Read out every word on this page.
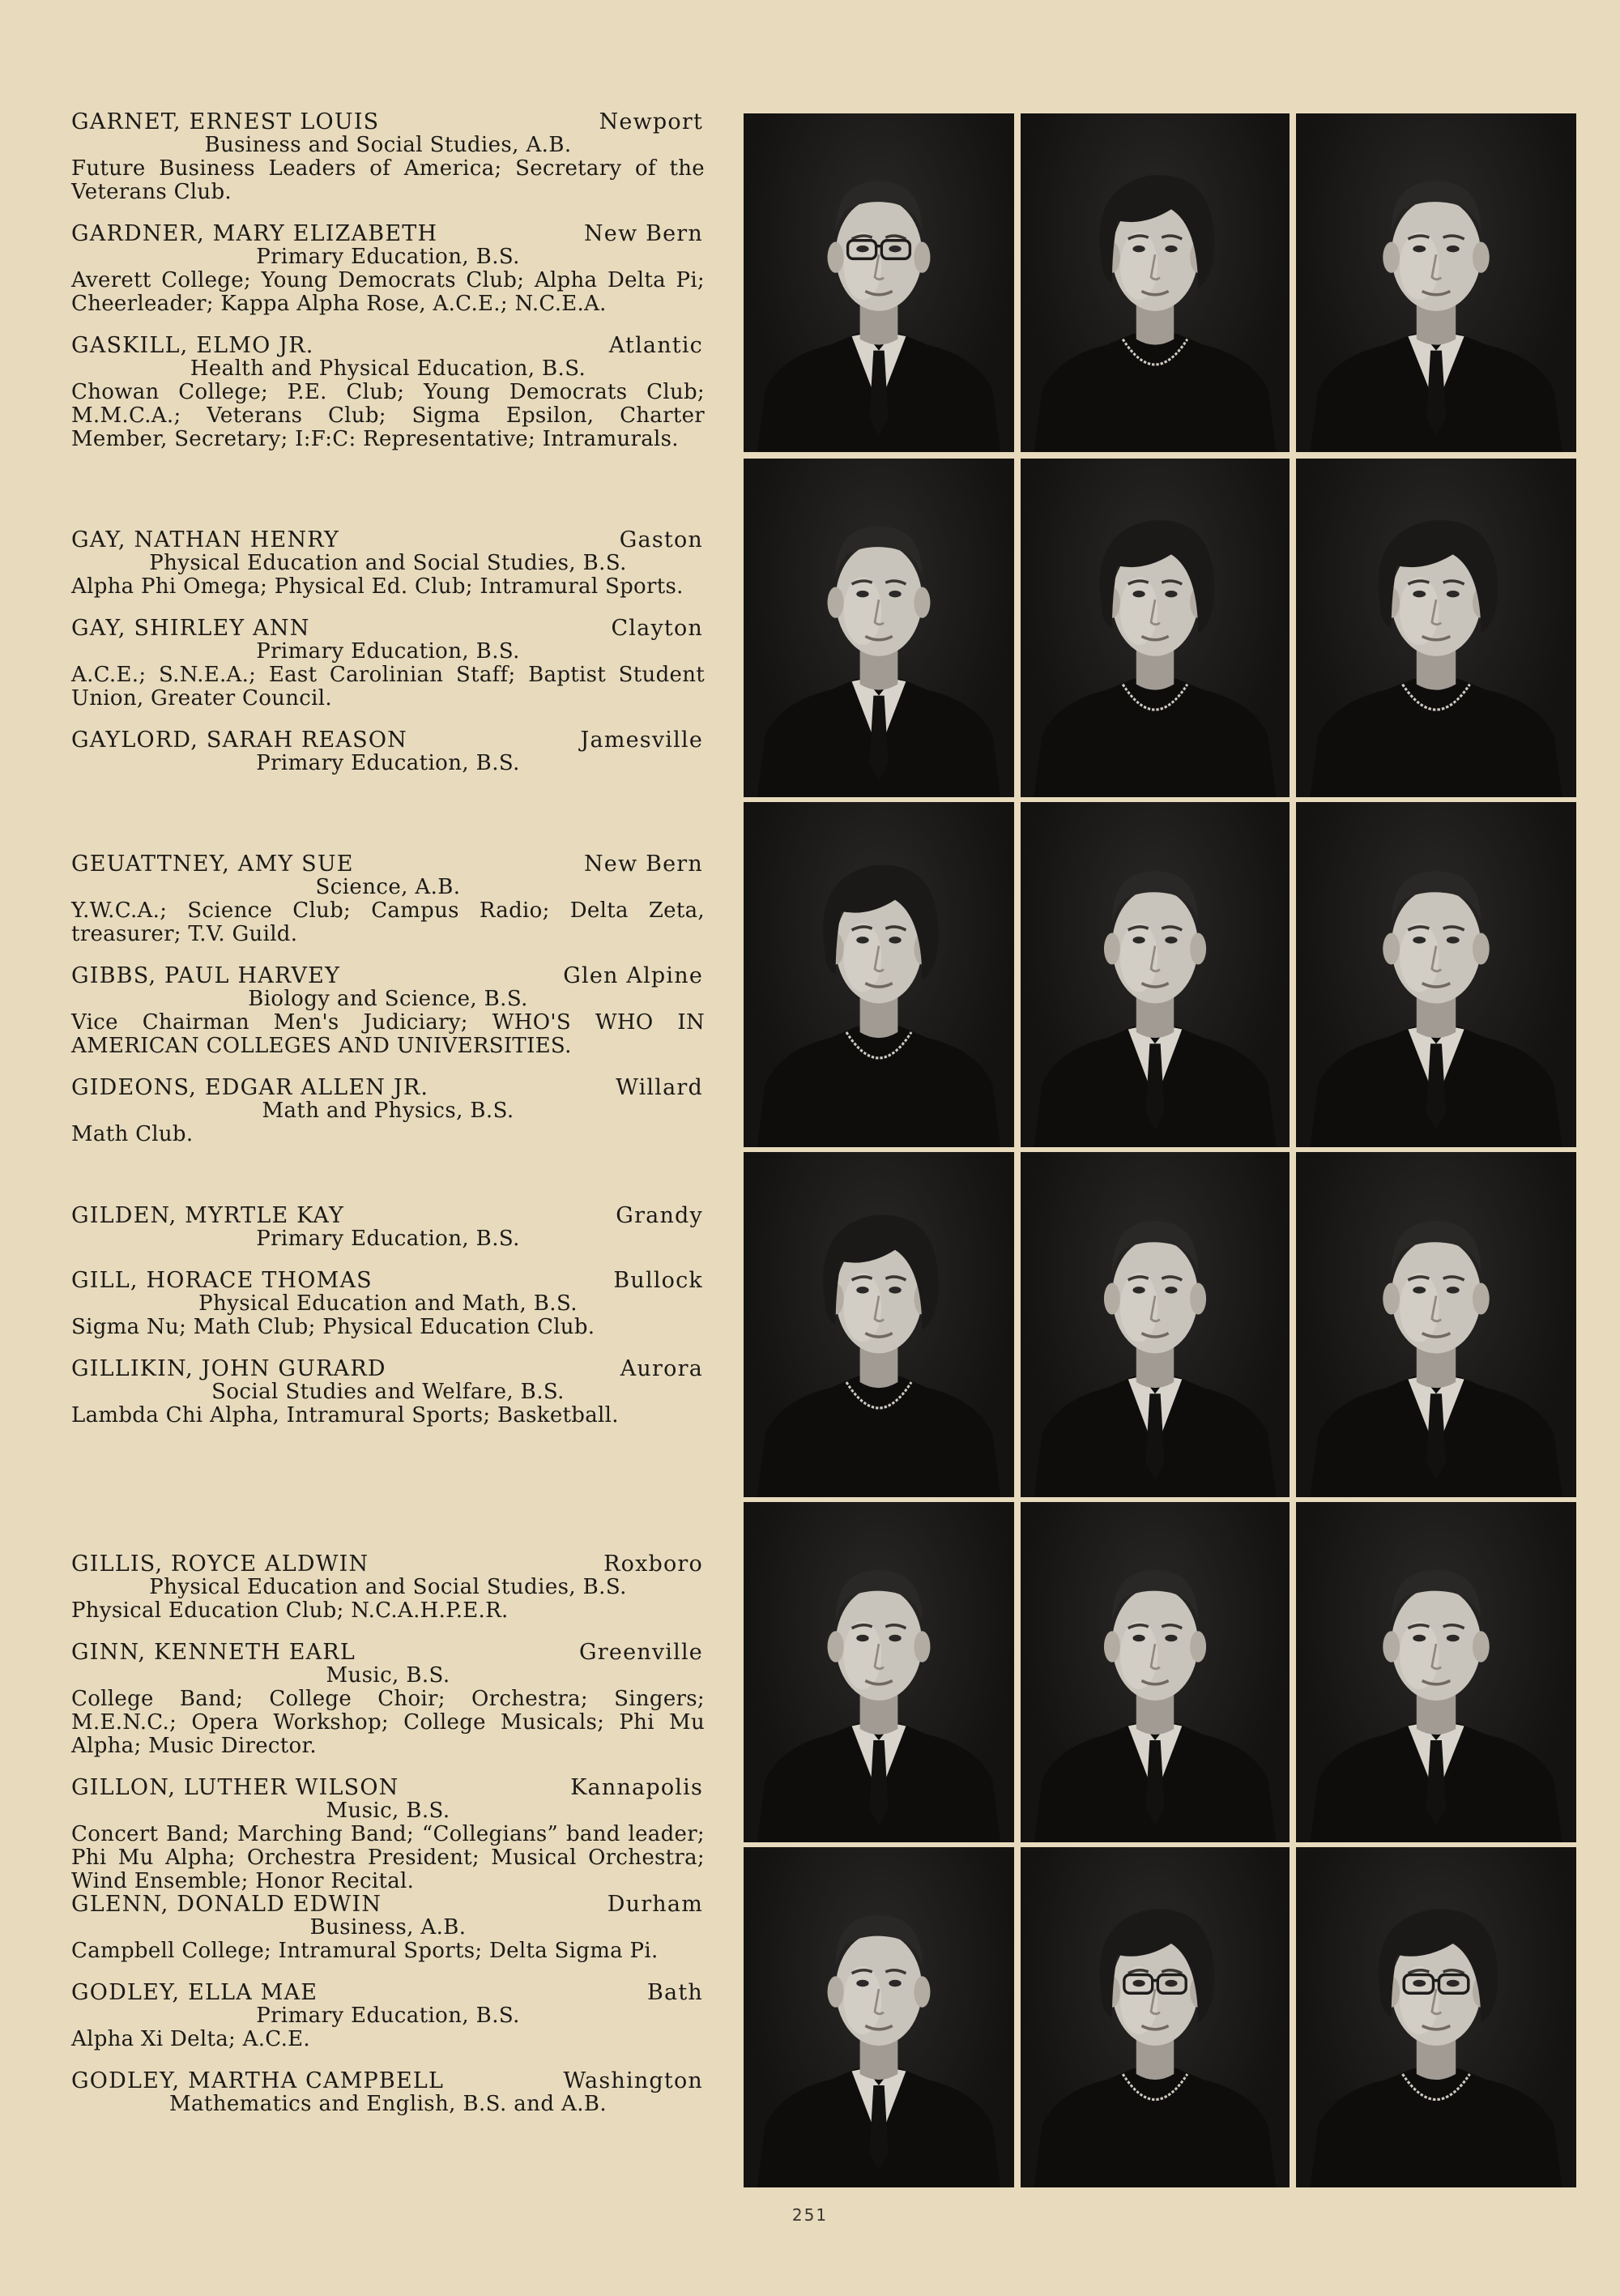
GARNET, ERNEST LOUIS	Newport
Business and Social Studies, A.B.
Future Business Leaders of America; Secretary of the Veterans Club.
GARDNER, MARY ELIZABETH	New Bern
Primary Education, B.S.
Averett College; Young Democrats Club; Alpha Delta Pi; Cheerleader; Kappa Alpha Rose, A.C.E.; N.C.E.A.
GASKILL, ELMO JR.	Atlantic
Health and Physical Education, B.S.
Chowan College; P.E. Club; Young Democrats Club; M.M.C.A.; Veterans Club; Sigma Epsilon, Charter Member, Secretary; I:F:C: Representative; Intramurals.
GAY, NATHAN HENRY	Gaston
Physical Education and Social Studies, B.S.
Alpha Phi Omega; Physical Ed. Club; Intramural Sports.
GAY, SHIRLEY ANN	Clayton
Primary Education, B.S.
A.C.E.; S.N.E.A.; East Carolinian Staff; Baptist Student Union, Greater Council.
GAYLORD, SARAH REASON	Jamesville
Primary Education, B.S.
GEUATTNEY, AMY SUE	New Bern
Science, A.B.
Y.W.C.A.; Science Club; Campus Radio; Delta Zeta, treasurer; T.V. Guild.
GIBBS, PAUL HARVEY	Glen Alpine
Biology and Science, B.S.
Vice Chairman Men's Judiciary; WHO'S WHO IN AMERICAN COLLEGES AND UNIVERSITIES.
GIDEONS, EDGAR ALLEN JR.	Willard
Math and Physics, B.S.
Math Club.
GILDEN, MYRTLE KAY	Grandy
Primary Education, B.S.
GILL, HORACE THOMAS	Bullock
Physical Education and Math, B.S.
Sigma Nu; Math Club; Physical Education Club.
GILLIKIN, JOHN GURARD	Aurora
Social Studies and Welfare, B.S.
Lambda Chi Alpha, Intramural Sports; Basketball.
GILLIS, ROYCE ALDWIN	Roxboro
Physical Education and Social Studies, B.S.
Physical Education Club; N.C.A.H.P.E.R.
GINN, KENNETH EARL	Greenville
Music, B.S.
College Band; College Choir; Orchestra; Singers; M.E.N.C.; Opera Workshop; College Musicals; Phi Mu Alpha; Music Director.
GILLON, LUTHER WILSON	Kannapolis
Music, B.S.
Concert Band; Marching Band; “Collegians” band leader; Phi Mu Alpha; Orchestra President; Musical Orchestra; Wind Ensemble; Honor Recital.
GLENN, DONALD EDWIN	Durham
Business, A.B.
Campbell College; Intramural Sports; Delta Sigma Pi.
GODLEY, ELLA MAE	Bath
Primary Education, B.S.
Alpha Xi Delta; A.C.E.
GODLEY, MARTHA CAMPBELL	Washington
Mathematics and English, B.S. and A.B.
251
